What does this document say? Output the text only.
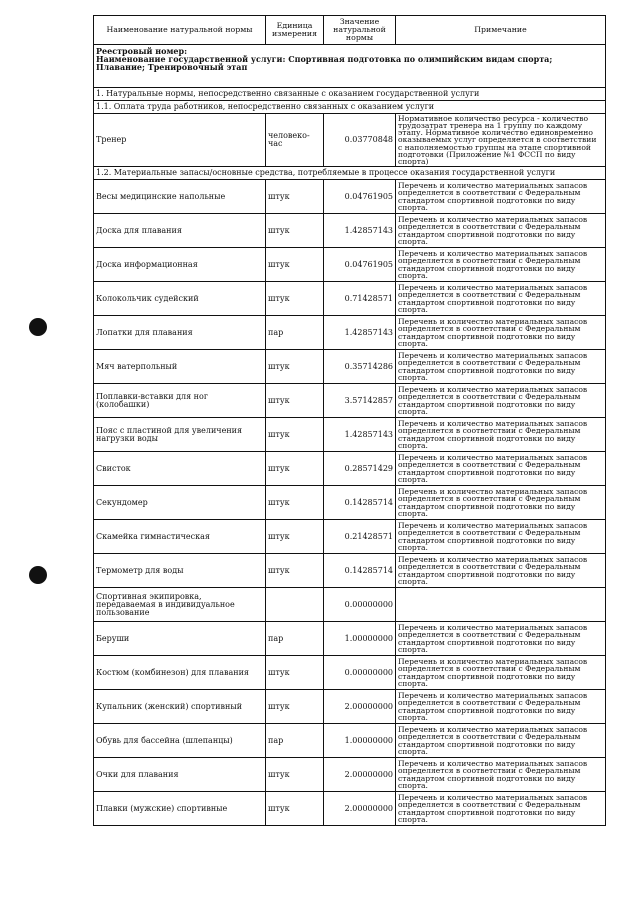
Наименование натуральной нормы	Единица измерения	Значение натуральной нормы	Примечание

Реестровый номер:
Наименование государственной услуги: Спортивная подготовка по олимпийским видам спорта; Плавание; Тренировочный этап			

1. Натуральные нормы, непосредственно связанные с оказанием государственной услуги			
1.1. Оплата труда работников, непосредственно связанных с оказанием услуги			
Тренер	человеко-час	0.03770848	Нормативное количество ресурса - количество трудозатрат тренера на 1 группу по каждому этапу. Нормативное количество единовременно оказываемых услуг определяется в соответствии с наполняемостью группы на этапе спортивной подготовки (Приложение №1 ФССП по виду спорта)
1.2. Материальные запасы/основные средства, потребляемые в процессе оказания государственной услуги			
Весы медицинские напольные	штук	0.04761905	Перечень и количество материальных запасов определяется в соответствии с Федеральным стандартом спортивной подготовки по виду спорта.
Доска для плавания	штук	1.42857143	Перечень и количество материальных запасов определяется в соответствии с Федеральным стандартом спортивной подготовки по виду спорта.
Доска информационная	штук	0.04761905	Перечень и количество материальных запасов определяется в соответствии с Федеральным стандартом спортивной подготовки по виду спорта.
Колокольчик судейский	штук	0.71428571	Перечень и количество материальных запасов определяется в соответствии с Федеральным стандартом спортивной подготовки по виду спорта.
Лопатки для плавания	пар	1.42857143	Перечень и количество материальных запасов определяется в соответствии с Федеральным стандартом спортивной подготовки по виду спорта.
Мяч ватерпольный	штук	0.35714286	Перечень и количество материальных запасов определяется в соответствии с Федеральным стандартом спортивной подготовки по виду спорта.
Поплавки-вставки для ног (колобашки)	штук	3.57142857	Перечень и количество материальных запасов определяется в соответствии с Федеральным стандартом спортивной подготовки по виду спорта.
Пояс с пластиной для увеличения нагрузки воды	штук	1.42857143	Перечень и количество материальных запасов определяется в соответствии с Федеральным стандартом спортивной подготовки по виду спорта.
Свисток	штук	0.28571429	Перечень и количество материальных запасов определяется в соответствии с Федеральным стандартом спортивной подготовки по виду спорта.
Секундомер	штук	0.14285714	Перечень и количество материальных запасов определяется в соответствии с Федеральным стандартом спортивной подготовки по виду спорта.
Скамейка гимнастическая	штук	0.21428571	Перечень и количество материальных запасов определяется в соответствии с Федеральным стандартом спортивной подготовки по виду спорта.
Термометр для воды	штук	0.14285714	Перечень и количество материальных запасов определяется в соответствии с Федеральным стандартом спортивной подготовки по виду спорта.
Спортивная экипировка, передаваемая в индивидуальное пользование		0.00000000	
Беруши	пар	1.00000000	Перечень и количество материальных запасов определяется в соответствии с Федеральным стандартом спортивной подготовки по виду спорта.
Костюм (комбинезон) для плавания	штук	0.00000000	Перечень и количество материальных запасов определяется в соответствии с Федеральным стандартом спортивной подготовки по виду спорта.
Купальник (женский) спортивный	штук	2.00000000	Перечень и количество материальных запасов определяется в соответствии с Федеральным стандартом спортивной подготовки по виду спорта.
Обувь для бассейна (шлепанцы)	пар	1.00000000	Перечень и количество материальных запасов определяется в соответствии с Федеральным стандартом спортивной подготовки по виду спорта.
Очки для плавания	штук	2.00000000	Перечень и количество материальных запасов определяется в соответствии с Федеральным стандартом спортивной подготовки по виду спорта.
Плавки (мужские) спортивные	штук	2.00000000	Перечень и количество материальных запасов определяется в соответствии с Федеральным стандартом спортивной подготовки по виду спорта.
